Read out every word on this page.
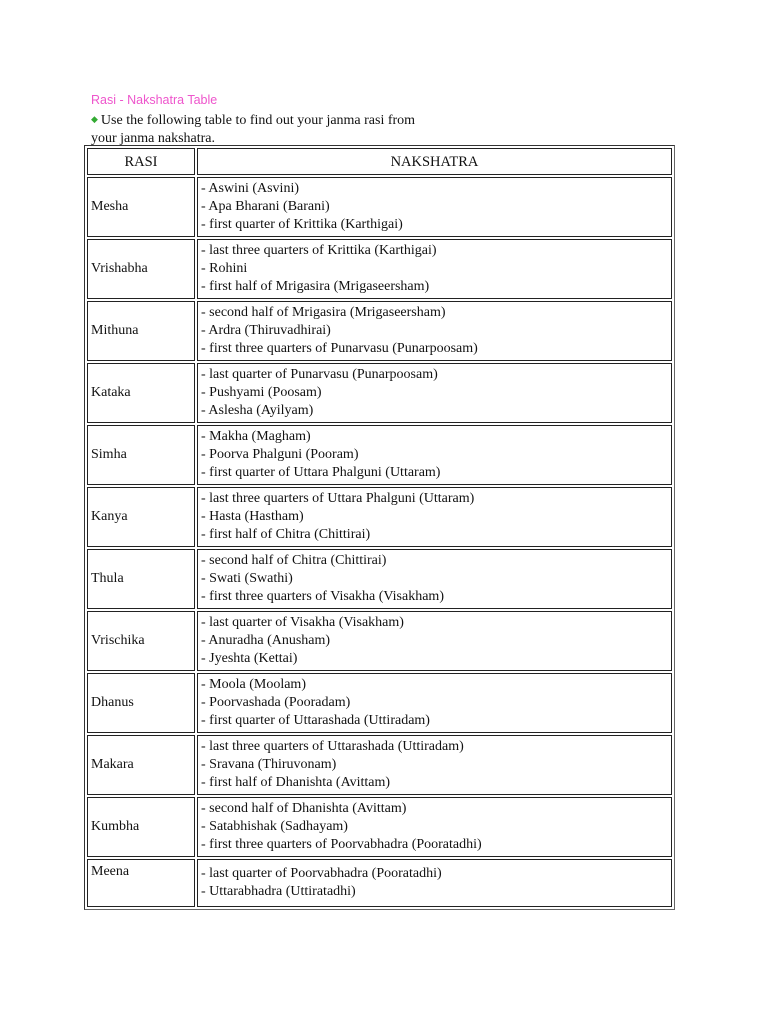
Rasi - Nakshatra Table
◆ Use the following table to find out your janma rasi from
your janma nakshatra.
RASI	NAKSHATRA
Mesha	- Aswini (Asvini)
- Apa Bharani (Barani)
- first quarter of Krittika (Karthigai)

Vrishabha	- last three quarters of Krittika (Karthigai)
- Rohini
- first half of Mrigasira (Mrigaseersham)

Mithuna	- second half of Mrigasira (Mrigaseersham)
- Ardra (Thiruvadhirai)
- first three quarters of Punarvasu (Punarpoosam)

Kataka	- last quarter of Punarvasu (Punarpoosam)
- Pushyami (Poosam)
- Aslesha (Ayilyam)

Simha	- Makha (Magham)
- Poorva Phalguni (Pooram)
- first quarter of Uttara Phalguni (Uttaram)

Kanya	- last three quarters of Uttara Phalguni (Uttaram)
- Hasta (Hastham)
- first half of Chitra (Chittirai)

Thula	- second half of Chitra (Chittirai)
- Swati (Swathi)
- first three quarters of Visakha (Visakham)

Vrischika	- last quarter of Visakha (Visakham)
- Anuradha (Anusham)
- Jyeshta (Kettai)

Dhanus	- Moola (Moolam)
- Poorvashada (Pooradam)
- first quarter of Uttarashada (Uttiradam)

Makara	- last three quarters of Uttarashada (Uttiradam)
- Sravana (Thiruvonam)
- first half of Dhanishta (Avittam)

Kumbha	- second half of Dhanishta (Avittam)
- Satabhishak (Sadhayam)
- first three quarters of Poorvabhadra (Pooratadhi)

Meena	- last quarter of Poorvabhadra (Pooratadhi)
- Uttarabhadra (Uttiratadhi)
